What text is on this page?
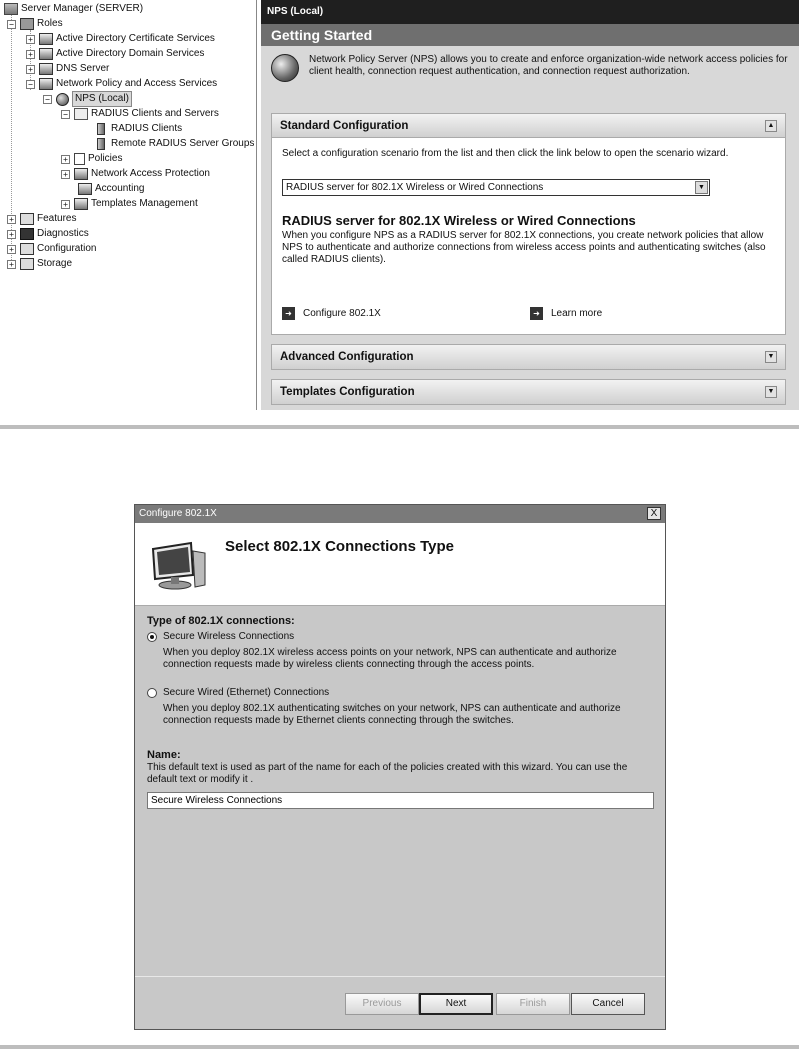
Server Manager (SERVER)
− Roles
+ Active Directory Certificate Services
+ Active Directory Domain Services
+ DNS Server
− Network Policy and Access Services
−	NPS (Local)
− RADIUS Clients and Servers
RADIUS Clients
Remote RADIUS Server Groups
+ Policies
+ Network Access Protection
Accounting
+ Templates Management
+ Features
+ Diagnostics
+ Configuration
+ Storage
NPS (Local)
Getting Started
Network Policy Server (NPS) allows you to create and enforce organization-wide network access policies for client health, connection request authentication, and connection request authorization.
Standard Configuration	▲
Select a configuration scenario from the list and then click the link below to open the scenario wizard.
RADIUS server for 802.1X Wireless or Wired Connections	▼
RADIUS server for 802.1X Wireless or Wired Connections
When you configure NPS as a RADIUS server for 802.1X connections, you create network policies that allow NPS to authenticate and authorize connections from wireless access points and authenticating switches (also called RADIUS clients).
➜	Configure 802.1X	➜	Learn more
Advanced Configuration	▼
Templates Configuration	▼
Configure 802.1X	X
Select 802.1X Connections Type
Type of 802.1X connections:
Secure Wireless Connections
When you deploy 802.1X wireless access points on your network, NPS can authenticate and authorize connection requests made by wireless clients connecting through the access points.
Secure Wired (Ethernet) Connections
When you deploy 802.1X authenticating switches on your network, NPS can authenticate and authorize connection requests made by Ethernet clients connecting through the switches.
Name:
This default text is used as part of the name for each of the policies created with this wizard. You can use the default text or modify it .
Secure Wireless Connections
Previous	Next	Finish	Cancel
